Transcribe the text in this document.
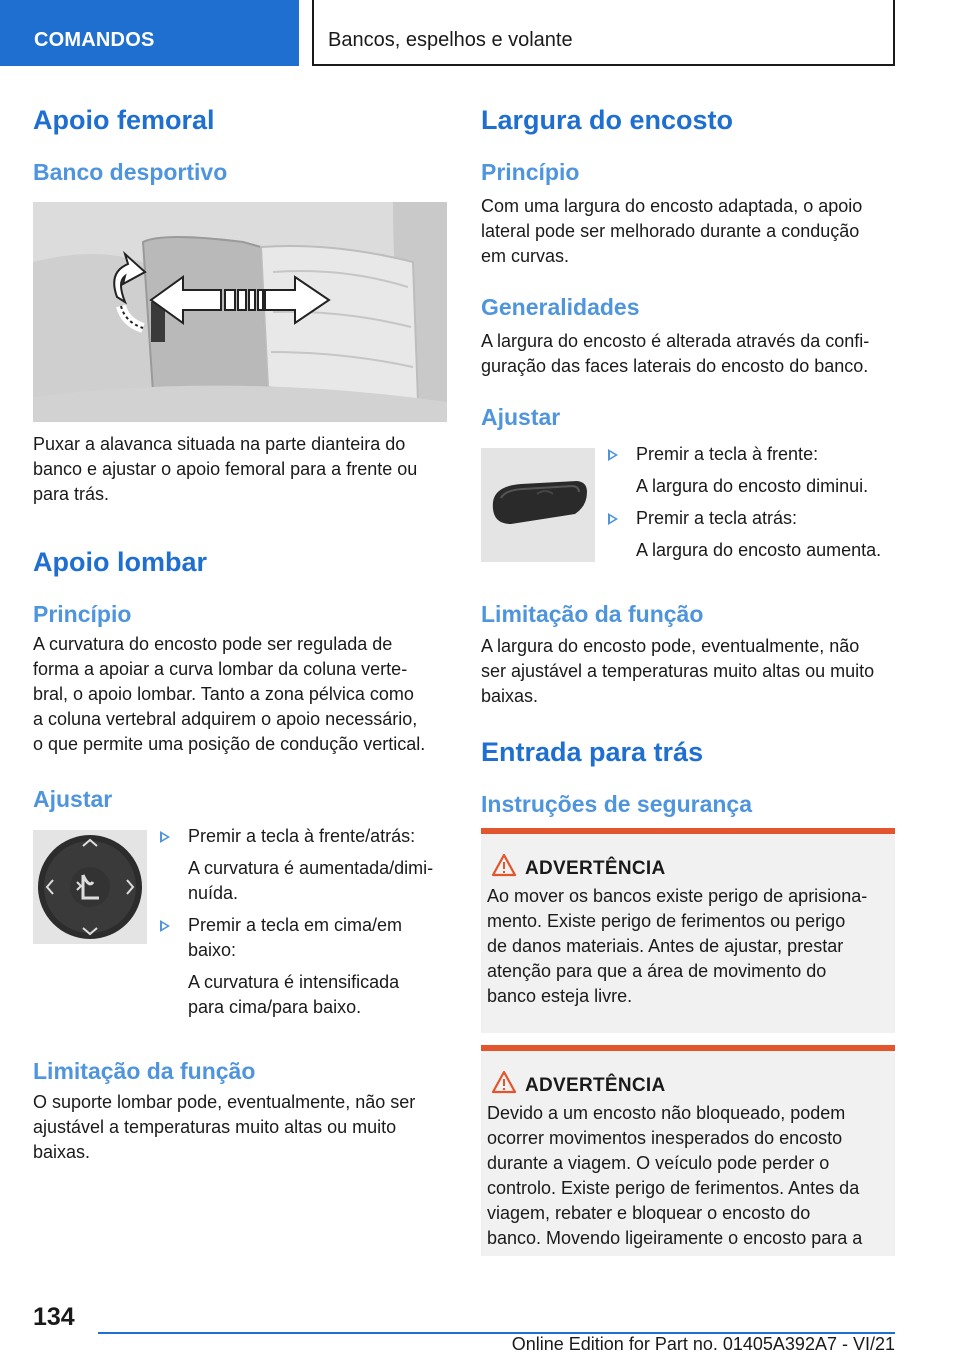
COMANDOS	Bancos, espelhos e volante
Apoio femoral
Banco desportivo
Puxar a alavanca situada na parte dianteira do
banco e ajustar o apoio femoral para a frente ou
para trás.
Apoio lombar
Princípio
A curvatura do encosto pode ser regulada de
forma a apoiar a curva lombar da coluna verte-
bral, o apoio lombar. Tanto a zona pélvica como
a coluna vertebral adquirem o apoio necessário,
o que permite uma posição de condução vertical.
Ajustar
Premir a tecla à frente/atrás:
A curvatura é aumentada/dimi-
nuída.
Premir a tecla em cima/em
baixo:
A curvatura é intensificada
para cima/para baixo.
Limitação da função
O suporte lombar pode, eventualmente, não ser
ajustável a temperaturas muito altas ou muito
baixas.
Largura do encosto
Princípio
Com uma largura do encosto adaptada, o apoio
lateral pode ser melhorado durante a condução
em curvas.
Generalidades
A largura do encosto é alterada através da confi-
guração das faces laterais do encosto do banco.
Ajustar
Premir a tecla à frente:
A largura do encosto diminui.
Premir a tecla atrás:
A largura do encosto aumenta.
Limitação da função
A largura do encosto pode, eventualmente, não
ser ajustável a temperaturas muito altas ou muito
baixas.
Entrada para trás
Instruções de segurança
ADVERTÊNCIA
Ao mover os bancos existe perigo de aprisiona-
mento. Existe perigo de ferimentos ou perigo
de danos materiais. Antes de ajustar, prestar
atenção para que a área de movimento do
banco esteja livre.
ADVERTÊNCIA
Devido a um encosto não bloqueado, podem
ocorrer movimentos inesperados do encosto
durante a viagem. O veículo pode perder o
controlo. Existe perigo de ferimentos. Antes da
viagem, rebater e bloquear o encosto do
banco. Movendo ligeiramente o encosto para a
134
Online Edition for Part no. 01405A392A7 - VI/21
